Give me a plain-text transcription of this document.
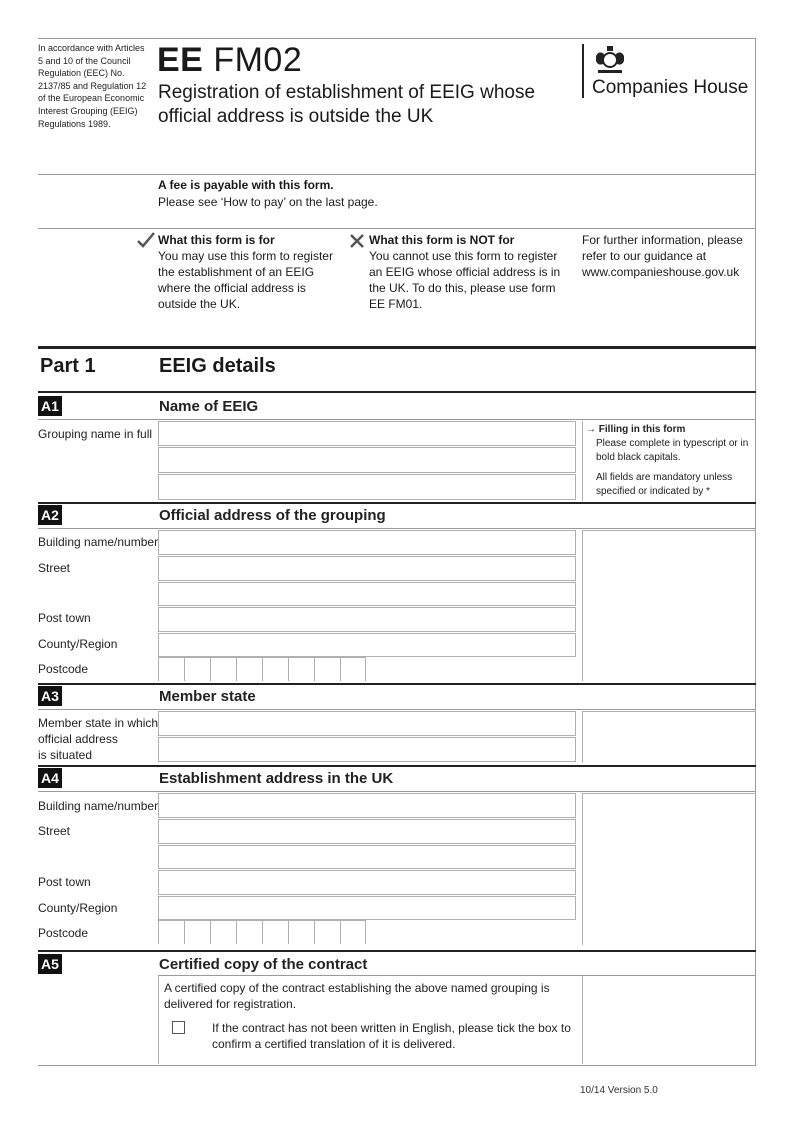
In accordance with Articles 5 and 10 of the Council Regulation (EEC) No. 2137/85 and Regulation 12 of the European Economic Interest Grouping (EEIG) Regulations 1989.
EE FM02
Registration of establishment of EEIG whose
official address is outside the UK
Companies House
A fee is payable with this form.
Please see ‘How to pay’ on the last page.
What this form is for
You may use this form to register
the establishment of an EEIG
where the official address is
outside the UK.
What this form is NOT for
You cannot use this form to register
an EEIG whose official address is in
the UK. To do this, please use form
EE FM01.
For further information, please
refer to our guidance at
www.companieshouse.gov.uk
Part 1	EEIG details
A1	Name of EEIG
Grouping name in full	→ Filling in this form
Please complete in typescript or in
bold black capitals.
All fields are mandatory unless
specified or indicated by *
A2	Official address of the grouping
Building name/number
Street
Post town
County/Region
Postcode
A3	Member state
Member state in which
official address
is situated
A4	Establishment address in the UK
Building name/number
Street
Post town
County/Region
Postcode
A5	Certified copy of the contract
A certified copy of the contract establishing the above named grouping is
delivered for registration.
If the contract has not been written in English, please tick the box to
confirm a certified translation of it is delivered.
10/14 Version 5.0
